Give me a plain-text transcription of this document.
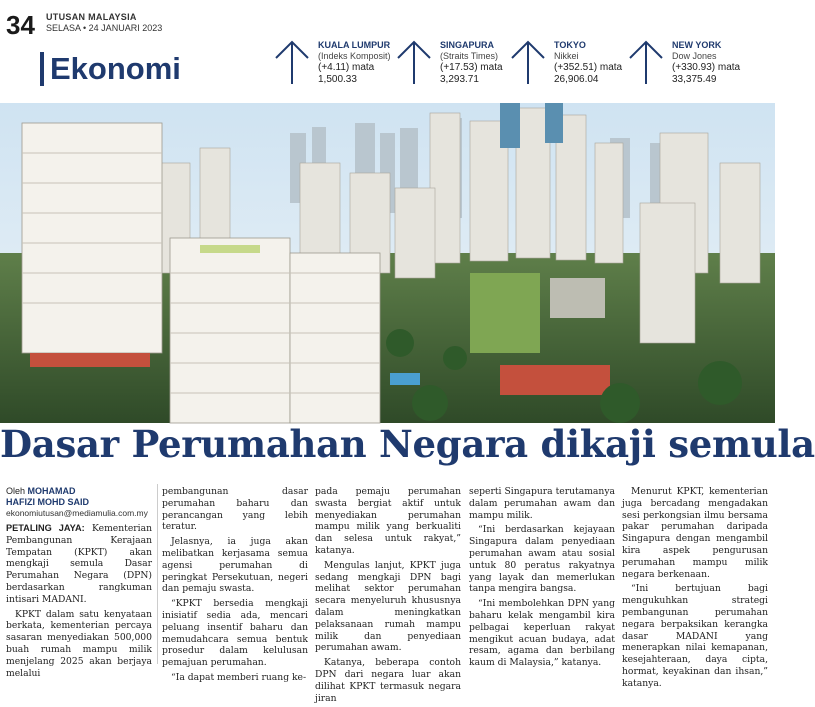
34 UTUSAN MALAYSIA
SELASA • 24 JANUARI 2023
Ekonomi
KUALA LUMPUR
(Indeks Komposit)
(+4.11) mata
1,500.33
SINGAPURA
(Straits Times)
(+17.53) mata
3,293.71
TOKYO
Nikkei
(+352.51) mata
26,906.04
NEW YORK
Dow Jones
(+330.93) mata
33,375.49
Dasar Perumahan Negara dikaji semula
Oleh MOHAMAD
HAFIZI MOHD SAID
ekonomiutusan@mediamulia.com.my

PETALING JAYA: Kementerian Pembangunan Kerajaan Tempatan (KPKT) akan mengkaji semula Dasar Perumahan Negara (DPN) berdasarkan rangkuman intisari MADANI.

KPKT dalam satu kenyataan berkata, kementerian percaya sasaran menyediakan 500,000 buah rumah mampu milik menjelang 2025 akan berjaya melalui

pembangunan dasar perumahan baharu dan perancangan yang lebih teratur.

Jelasnya, ia juga akan melibatkan kerjasama semua agensi perumahan di peringkat Persekutuan, negeri dan pemaju swasta.

“KPKT bersedia mengkaji inisiatif sedia ada, mencari peluang insentif baharu dan memudahcara semua bentuk prosedur dalam kelulusan pemajuan perumahan.

“Ia dapat memberi ruang ke-

pada pemaju perumahan swasta bergiat aktif untuk menyediakan perumahan mampu milik yang berkualiti dan selesa untuk rakyat,” katanya.

Mengulas lanjut, KPKT juga sedang mengkaji DPN bagi melihat sektor perumahan secara menyeluruh khususnya dalam meningkatkan pelaksanaan rumah mampu milik dan penyediaan perumahan awam.

Katanya, beberapa contoh DPN dari negara luar akan dilihat KPKT termasuk negara jiran

seperti Singapura terutamanya dalam perumahan awam dan mampu milik.

“Ini berdasarkan kejayaan Singapura dalam penyediaan perumahan awam atau sosial untuk 80 peratus rakyatnya yang layak dan memerlukan tanpa mengira bangsa.

“Ini membolehkan DPN yang baharu kelak mengambil kira pelbagai keperluan rakyat mengikut acuan budaya, adat resam, agama dan berbilang kaum di Malaysia,” katanya.

Menurut KPKT, kementerian juga bercadang mengadakan sesi perkongsian ilmu bersama pakar perumahan daripada Singapura dengan mengambil kira aspek pengurusan perumahan mampu milik negara berkenaan.

“Ini bertujuan bagi mengukuhkan strategi pembangunan perumahan negara berpaksikan kerangka dasar MADANI yang menerapkan nilai kemapanan, kesejahteraan, daya cipta, hormat, keyakinan dan ihsan,” katanya.
